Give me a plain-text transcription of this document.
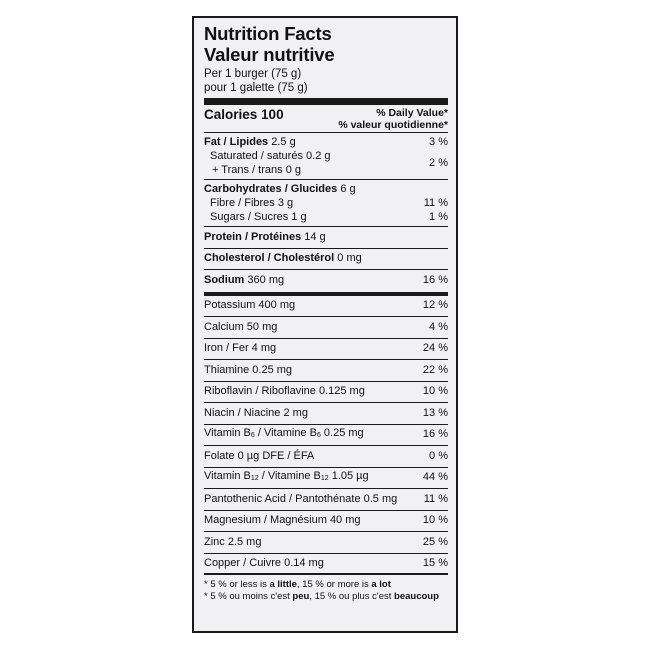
Nutrition Facts
Valeur nutritive
Per 1 burger (75 g)
pour 1 galette (75 g)
Calories 100	% Daily Value*
% valeur quotidienne*
Fat / Lipides 2.5 g	3 %
Saturated / saturés 0.2 g
+ Trans / trans 0 g
2 %
Carbohydrates / Glucides 6 g
Fibre / Fibres 3 g	11 %
Sugars / Sucres 1 g	1 %
Protein / Protéines 14 g
Cholesterol / Cholestérol 0 mg
Sodium 360 mg	16 %
Potassium 400 mg	12 %
Calcium 50 mg	4 %
Iron / Fer 4 mg	24 %
Thiamine 0.25 mg	22 %
Riboflavin / Riboflavine 0.125 mg	10 %
Niacin / Niacine 2 mg	13 %
Vitamin $B_6$ / Vitamine $B_6$ 0.25 mg	16 %
Folate 0 µg DFE / ÉFA	0 %
Vitamin $B_{12}$ / Vitamine $B_{12}$ 1.05 µg	44 %
Pantothenic Acid / Pantothénate 0.5 mg 11 %
Magnesium / Magnésium 40 mg	10 %
Zinc 2.5 mg	25 %
Copper / Cuivre 0.14 mg	15 %
* 5 % or less is a little, 15 % or more is a lot
* 5 % ou moins c'est peu, 15 % ou plus c'est beaucoup
